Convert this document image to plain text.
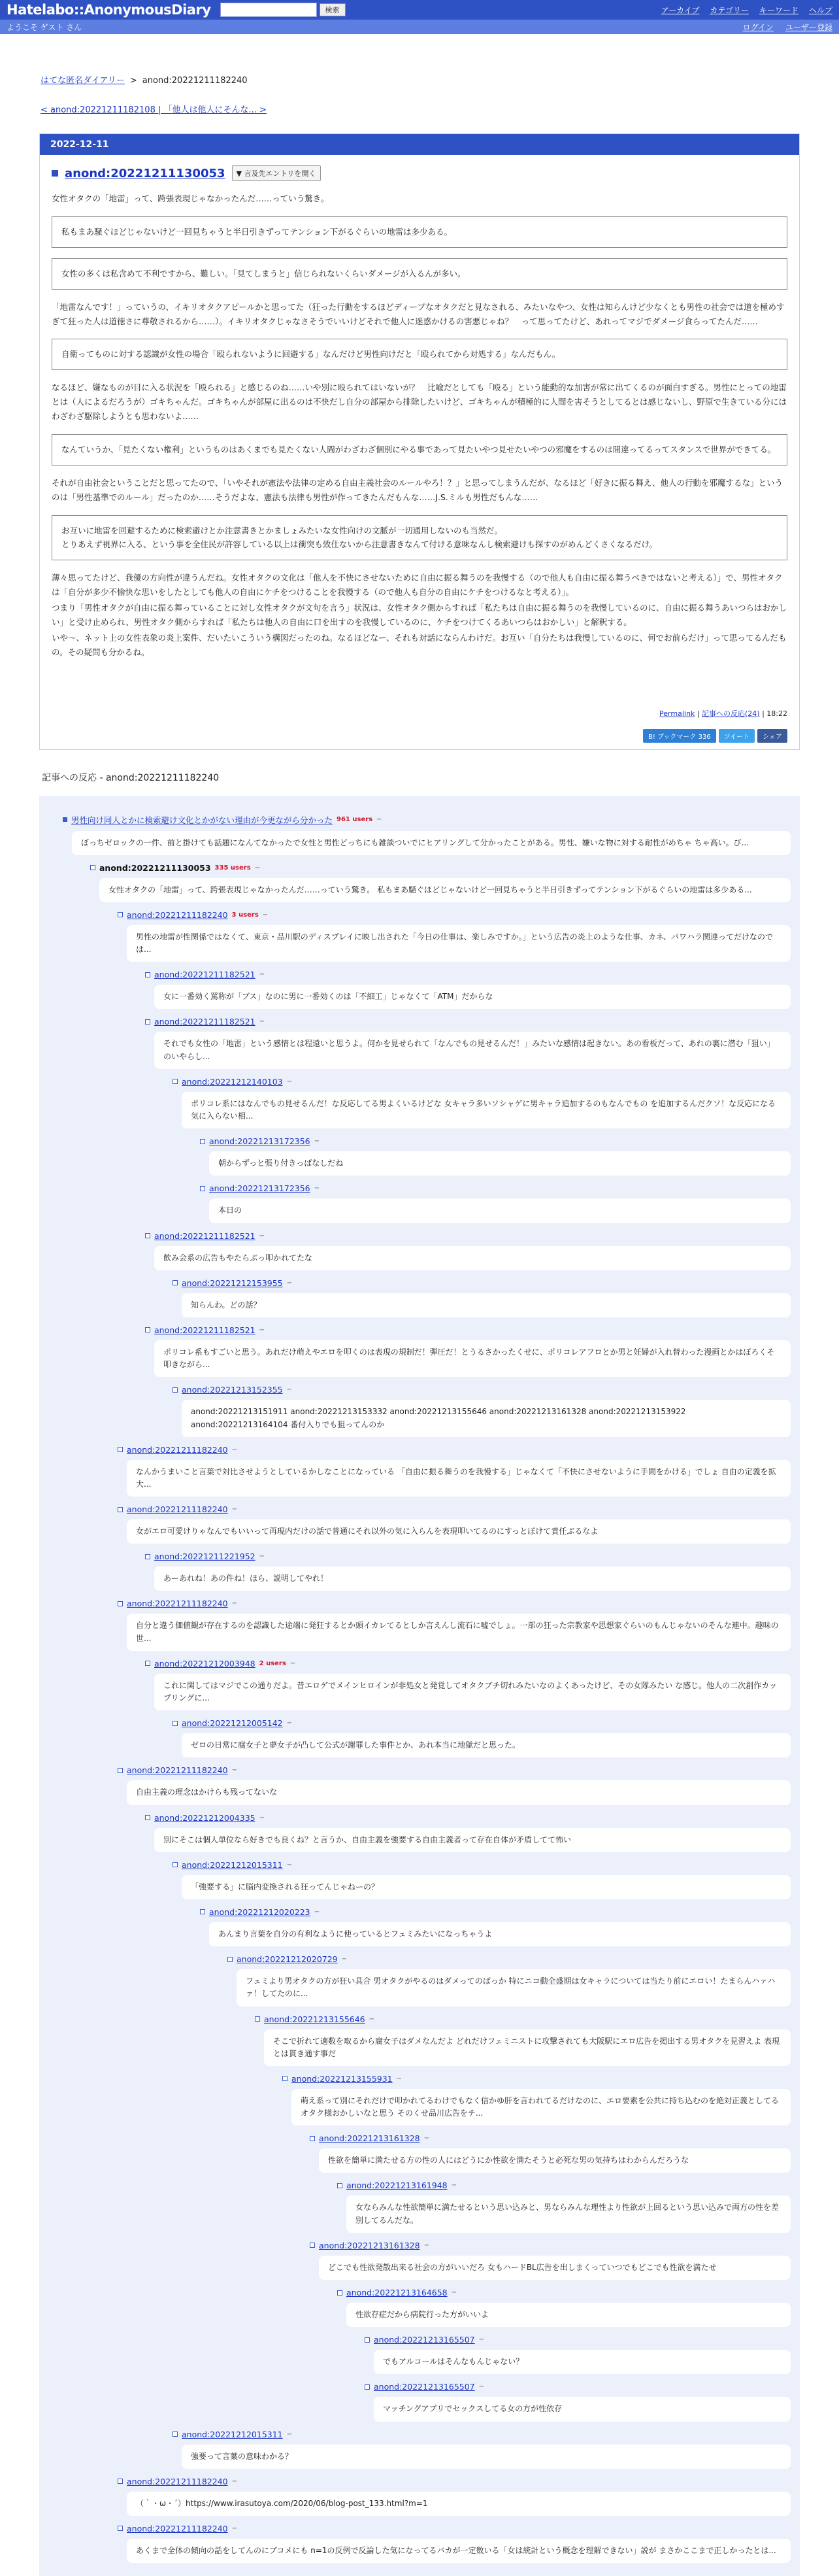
Hatelabo::AnonymousDiary	検索	アーカイブ カテゴリー キーワード ヘルプ
ようこそ ゲスト さん	ログイン ユーザー登録
はてな匿名ダイアリー > anond:20221211182240
< anond:20221211182108 | 「他人は他人にそんな... >
2022-12-11
anond:20221211130053	▼ 言及先エントリを開く

女性オタクの「地雷」って、跨張表現じゃなかったんだ……っていう驚き。

私もまあ騒ぐほどじゃないけど一回見ちゃうと半日引きずってテンション下がるぐらいの地雷は多少ある。
女性の多くは私含めて不利ですから、難しい。「見てしまうと」信じられないくらいダメージが入るんが多い。

「地雷なんです！」っていうの、イキリオタクアピールかと思ってた（狂った行動をするほどディープなオタクだと見なされる、みたいなやつ、女性は知らんけど少なくとも男性の社会では道を極めすぎて狂った人は道徳さに尊敬されるから……）。イキリオタクじゃなさそうでいいけどそれで他人に迷惑かけるの害悪じゃね？　って思ってたけど、あれってマジでダメージ食らってたんだ……

自衛ってものに対する認識が女性の場合「殴られないように回避する」なんだけど男性向けだと「殴られてから対処する」なんだもん。

なるほど、嫌なものが目に入る状況を「殴られる」と感じるのね……いや別に殴られてはいないが？　比喩だとしても「殴る」という能動的な加害が常に出てくるのが面白すぎる。男性にとっての地雷とは（人によるだろうが）ゴキちゃんだ。ゴキちゃんが部屋に出るのは不快だし自分の部屋から排除したいけど、ゴキちゃんが積極的に人間を害そうとしてるとは感じないし、野原で生きている分にはわざわざ駆除しようとも思わないよ……

なんていうか、「見たくない権利」というものはあくまでも見たくない人間がわざわざ個別にやる事であって見たいやつ見せたいやつの邪魔をするのは間違ってるってスタンスで世界ができてる。

それが自由社会ということだと思ってたので、「いやそれが憲法や法律の定める自由主義社会のルールやろ！？」と思ってしまうんだが、なるほど「好きに振る舞え、他人の行動を邪魔するな」というのは「男性基準でのルール」だったのか……そうだよな、憲法も法律も男性が作ってきたんだもんな……J.S.ミルも男性だもんな……

お互いに地雷を回避するために検索避けとか注意書きとかましょみたいな女性向けの文脈が一切通用しないのも当然だ。
とりあえず視界に入る、という事を全住民が許容している以上は衝突も致仕ないから注意書きなんて付ける意味なんし検索避けも探すのがめんどくさくなるだけ。

薄々思ってたけど、我優の方向性が違うんだね。女性オタクの文化は「他人を不快にさせないために自由に振る舞うのを我慢する（ので他人も自由に振る舞うべきではないと考える）」で、男性オタクは「自分が多少不愉快な思いをしたとしても他人の自由にケチをつけることを我慢する（ので他人も自分の自由にケチをつけるなと考える）」。

つまり「男性オタクが自由に振る舞っていることに対し女性オタクが文句を言う」状況は、女性オタク側からすれば「私たちは自由に振る舞うのを我慢しているのに、自由に振る舞うあいつらはおかしい」と受け止められ、男性オタク側からすれば「私たちは他人の自由に口を出すのを我慢しているのに、ケチをつけてくるあいつらはおかしい」と解釈する。

いや〜、ネット上の女性表象の炎上案件、だいたいこういう構図だったのね。なるほどなー、それも対話にならんわけだ。お互い「自分たちは我慢しているのに、何でお前らだけ」って思ってるんだもの。その疑問も分かるね。

Permalink | 記事への反応(24) | 18:22
B! ブックマーク 336	ツイート	シェア
記事への反応 - anond:20221211182240
男性向け同人とかに検索避け文化とかがない理由が今更ながら分かった 961 users −
ぼっちゼロックの一件、前と掛けても話題になんてなかったで女性と男性どっちにも雑談ついでにヒアリングして分かったことがある。男性、嫌いな物に対する耐性がめちゃ ちゃ高い。び...
anond:20221211130053 335 users −
女性オタクの「地雷」って、跨張表現じゃなかったんだ……っていう驚き。 私もまあ騒ぐほどじゃないけど一回見ちゃうと半日引きずってテンション下がるぐらいの地雷は多少ある...
anond:20221211182240 3 users −
男性の地雷が性関係ではなくて、東京・品川駅のディスプレイに映し出された「今日の仕事は、楽しみですか。」という広告の炎上のような仕事、カネ、パワハラ関連ってだけなのでは...
anond:20221211182521 −
女に一番効く罵称が「ブス」なのに男に一番効くのは「不細工」じゃなくて「ATM」だからな
anond:20221211182521 −
それでも女性の「地雷」という感情とは程遠いと思うよ。何かを見せられて「なんでもの見せるんだ！」みたいな感情は起きない。あの看板だって、あれの裏に潜む「狙い」のいやらし...
anond:20221212140103 −
ポリコレ系にはなんでもの見せるんだ！な反応してる男よくいるけどな 女キャラ多いソシャゲに男キャラ追加するのもなんでもの を追加するんだクソ！な反応になる 気に入らない相...
anond:20221213172356 −
朝からずっと張り付きっぱなしだね
anond:20221213172356 −
本日の
anond:20221211182521 −
飲み会系の広告もやたらぶっ叩かれてたな
anond:20221212153955 −
知らんわ。どの話？
anond:20221211182521 −
ポリコレ系もすごいと思う。あれだけ萌えやエロを叩くのは表現の規制だ！弾圧だ！とうるさかったくせに、ポリコレアフロとか男と妊婦が入れ替わった漫画とかはぼろくそ叩きながら...
anond:20221213152355 −
anond:20221213151911 anond:20221213153332 anond:20221213155646 anond:20221213161328 anond:20221213153922 anond:20221213164104 番付入りでも狙ってんのか
anond:20221211182240 −
なんかうまいこと言葉で対比させようとしているかしなことになっている 「自由に振る舞うのを我慢する」じゃなくて「不快にさせないように手間をかける」でしょ 自由の定義を拡大...
anond:20221211182240 −
女がエロ可愛けりゃなんでもいいって再現内だけの話で普通にそれ以外の気に入らんを表現叩いてるのにすっとぼけて責任ぶるなよ
anond:20221211221952 −
あーあれね！あの件ね！ほら、説明してやれ！
anond:20221211182240 −
自分と違う価値観が存在するのを認識した途端に発狂するとか頭イカレてるとしか言えんし流石に嘘でしょ。一部の狂った宗教家や思想家ぐらいのもんじゃないのそんな連中。趣味の世...
anond:20221212003948 2 users −
これに関してはマジでこの通りだよ。昔エロゲでメインヒロインが非処女と発覚してオタクブチ切れみたいなのよくあったけど、その女隊みたい な感じ。他人の二次創作カップリングに...
anond:20221212005142 −
ゼロの日常に腐女子と夢女子が凸して公式が謝罪した事件とか、あれ本当に地獄だと思った。
anond:20221211182240 −
自由主義の理念はかけらも残ってないな
anond:20221212004335 −
別にそこは個人単位なら好きでも良くね？と言うか、自由主義を強要する自由主義者って存在自体が矛盾してて怖い
anond:20221212015311 −
「強要する」に脳内変換される狂ってんじゃねーの？
anond:20221212020223 −
あんまり言葉を自分の有利なように使っているとフェミみたいになっちゃうよ
anond:20221212020729 −
フェミより男オタクの方が狂い具合 男オタクがやるのはダメってのばっか 特にニコ動全盛期は女キャラについては当たり前にエロい！たまらんハァハァ！してたのに...
anond:20221213155646 −
そこで折れて適数を取るから腐女子はダメなんだよ どれだけフェミニストに攻撃されても大阪駅にエロ広告を掲出する男オタクを見習えよ 表現とは貫き通す事だ
anond:20221213155931 −
萌え系って別にそれだけで叩かれてるわけでもなく信かゆ肝を言われてるだけなのに、エロ要素を公共に持ち込むのを絶対正義としてるオタク様おかしいなと思う そのくせ品川広告をチ...
anond:20221213161328 −
性欲を簡単に満たせる方の性の人にはどうにか性欲を満たそうと必死な男の気持ちはわからんだろうな
anond:20221213161948 −
女ならみんな性欲簡単に満たせるという思い込みと、男ならみんな理性より性欲が上回るという思い込みで両方の性を差別してるんだな。
anond:20221213161328 −
どこでも性欲発散出来る社会の方がいいだろ 女もハードBL広告を出しまくっていつでもどこでも性欲を満たせ
anond:20221213164658 −
性欲存症だから病院行った方がいいよ
anond:20221213165507 −
でもアルコールはそんなもんじゃない？
anond:20221213165507 −
マッチングアプリでセックスしてる女の方が性依存
anond:20221212015311 −
強要って言葉の意味わかる？
anond:20221211182240 −
（｀・ω・´）https://www.irasutoya.com/2020/06/blog-post_133.html?m=1
anond:20221211182240 −
あくまで全体の傾向の話をしてんのにブコメにも n=1の反例で反論した気になってるバカが一定数いる「女は統計という概念を理解できない」説が まさかここまで正しかったとは...
